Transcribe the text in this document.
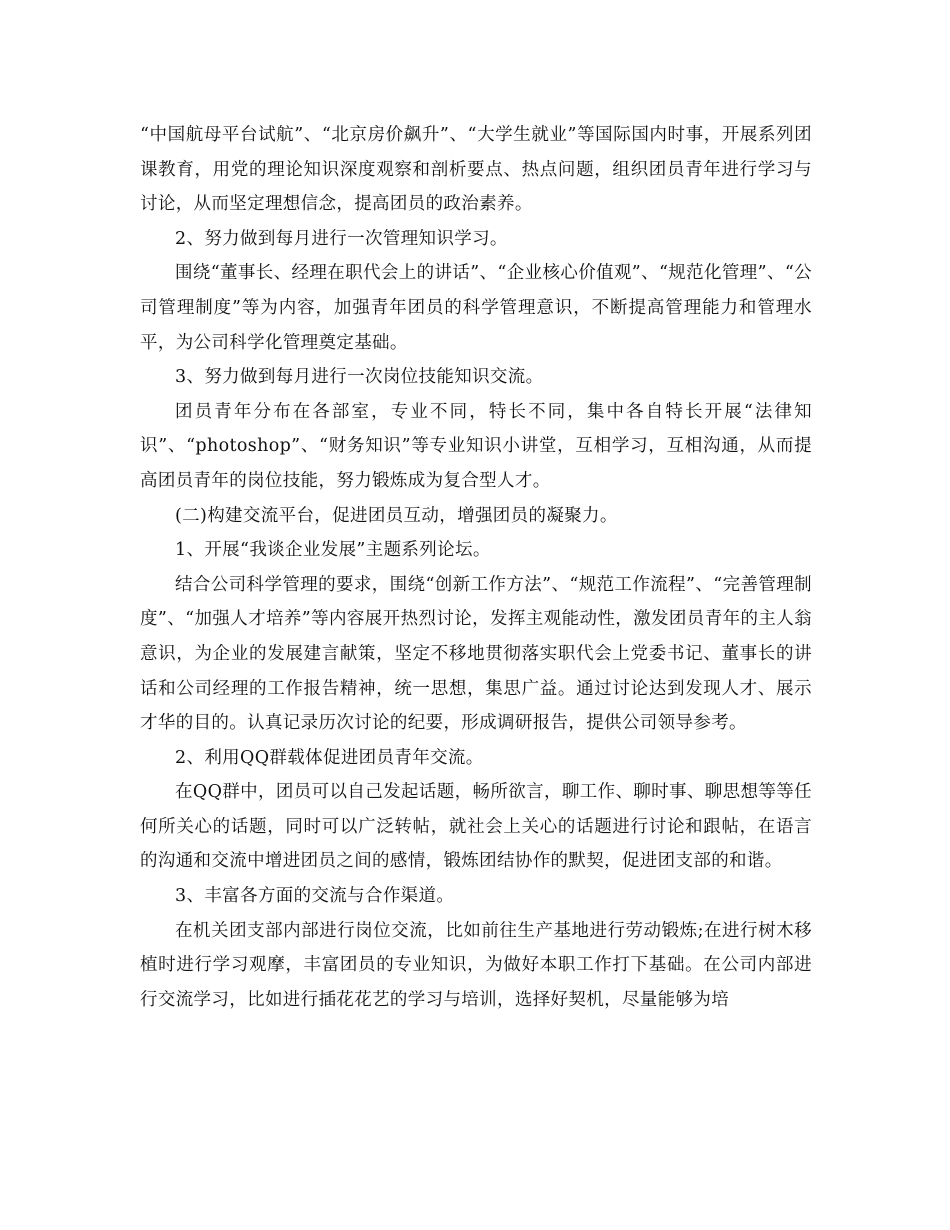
“中国航母平台试航”、“北京房价飙升”、“大学生就业”等国际国内时事，开展系列团课教育，用党的理论知识深度观察和剖析要点、热点问题，组织团员青年进行学习与讨论，从而坚定理想信念，提高团员的政治素养。

2、努力做到每月进行一次管理知识学习。

围绕“董事长、经理在职代会上的讲话”、“企业核心价值观”、“规范化管理”、“公司管理制度”等为内容，加强青年团员的科学管理意识，不断提高管理能力和管理水平，为公司科学化管理奠定基础。

3、努力做到每月进行一次岗位技能知识交流。

团员青年分布在各部室，专业不同，特长不同，集中各自特长开展“法律知识”、“photoshop”、“财务知识”等专业知识小讲堂，互相学习，互相沟通，从而提高团员青年的岗位技能，努力锻炼成为复合型人才。

(二)构建交流平台，促进团员互动，增强团员的凝聚力。

1、开展“我谈企业发展”主题系列论坛。

结合公司科学管理的要求，围绕“创新工作方法”、“规范工作流程”、“完善管理制度”、“加强人才培养”等内容展开热烈讨论，发挥主观能动性，激发团员青年的主人翁意识，为企业的发展建言献策，坚定不移地贯彻落实职代会上党委书记、董事长的讲话和公司经理的工作报告精神，统一思想，集思广益。通过讨论达到发现人才、展示才华的目的。认真记录历次讨论的纪要，形成调研报告，提供公司领导参考。

2、利用QQ群载体促进团员青年交流。

在QQ群中，团员可以自己发起话题，畅所欲言，聊工作、聊时事、聊思想等等任何所关心的话题，同时可以广泛转帖，就社会上关心的话题进行讨论和跟帖，在语言的沟通和交流中增进团员之间的感情，锻炼团结协作的默契，促进团支部的和谐。

3、丰富各方面的交流与合作渠道。

在机关团支部内部进行岗位交流，比如前往生产基地进行劳动锻炼;在进行树木移植时进行学习观摩，丰富团员的专业知识，为做好本职工作打下基础。在公司内部进行交流学习，比如进行插花花艺的学习与培训，选择好契机，尽量能够为培
